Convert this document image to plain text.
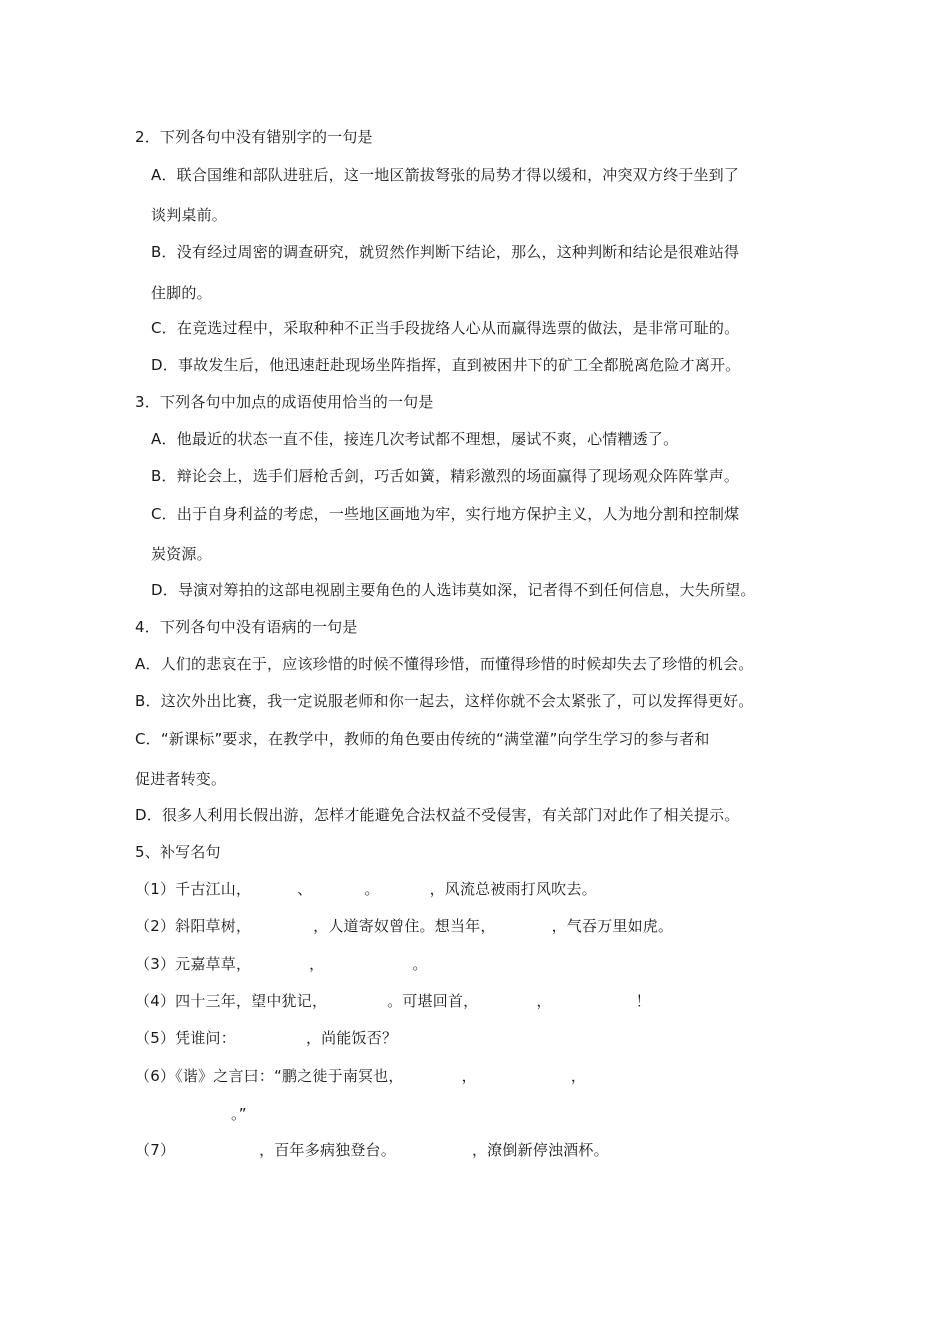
2．下列各句中没有错别字的一句是
A．联合国维和部队进驻后，这一地区箭拔弩张的局势才得以缓和，冲突双方终于坐到了
谈判桌前。
B．没有经过周密的调查研究，就贸然作判断下结论，那么，这种判断和结论是很难站得
住脚的。
C．在竞选过程中，采取种种不正当手段拢络人心从而赢得选票的做法，是非常可耻的。
D．事故发生后，他迅速赶赴现场坐阵指挥，直到被困井下的矿工全都脱离危险才离开。
3．下列各句中加点的成语使用恰当的一句是
A．他最近的状态一直不佳，接连几次考试都不理想，屡试不爽，心情糟透了。
B．辩论会上，选手们唇枪舌剑，巧舌如簧，精彩激烈的场面赢得了现场观众阵阵掌声。
C．出于自身利益的考虑，一些地区画地为牢，实行地方保护主义，人为地分割和控制煤
炭资源。
D．导演对筹拍的这部电视剧主要角色的人选讳莫如深，记者得不到任何信息，大失所望。
4．下列各句中没有语病的一句是
A．人们的悲哀在于，应该珍惜的时候不懂得珍惜，而懂得珍惜的时候却失去了珍惜的机会。
B．这次外出比赛，我一定说服老师和你一起去，这样你就不会太紧张了，可以发挥得更好。
C．“新课标”要求，在教学中，教师的角色要由传统的“满堂灌”向学生学习的参与者和
促进者转变。
D．很多人利用长假出游，怎样才能避免合法权益不受侵害，有关部门对此作了相关提示。
5、补写名句
（1）千古江山，	、	。	，风流总被雨打风吹去。
（2）斜阳草树，	，人道寄奴曾住。想当年，	，气吞万里如虎。
（3）元嘉草草，	，	。
（4）四十三年，望中犹记，	。可堪回首，	，	！
（5）凭谁问：	，尚能饭否？
（6）《谐》之言曰：“鹏之徙于南冥也，	，	，
。”
（7）	，百年多病独登台。	，潦倒新停浊酒杯。
